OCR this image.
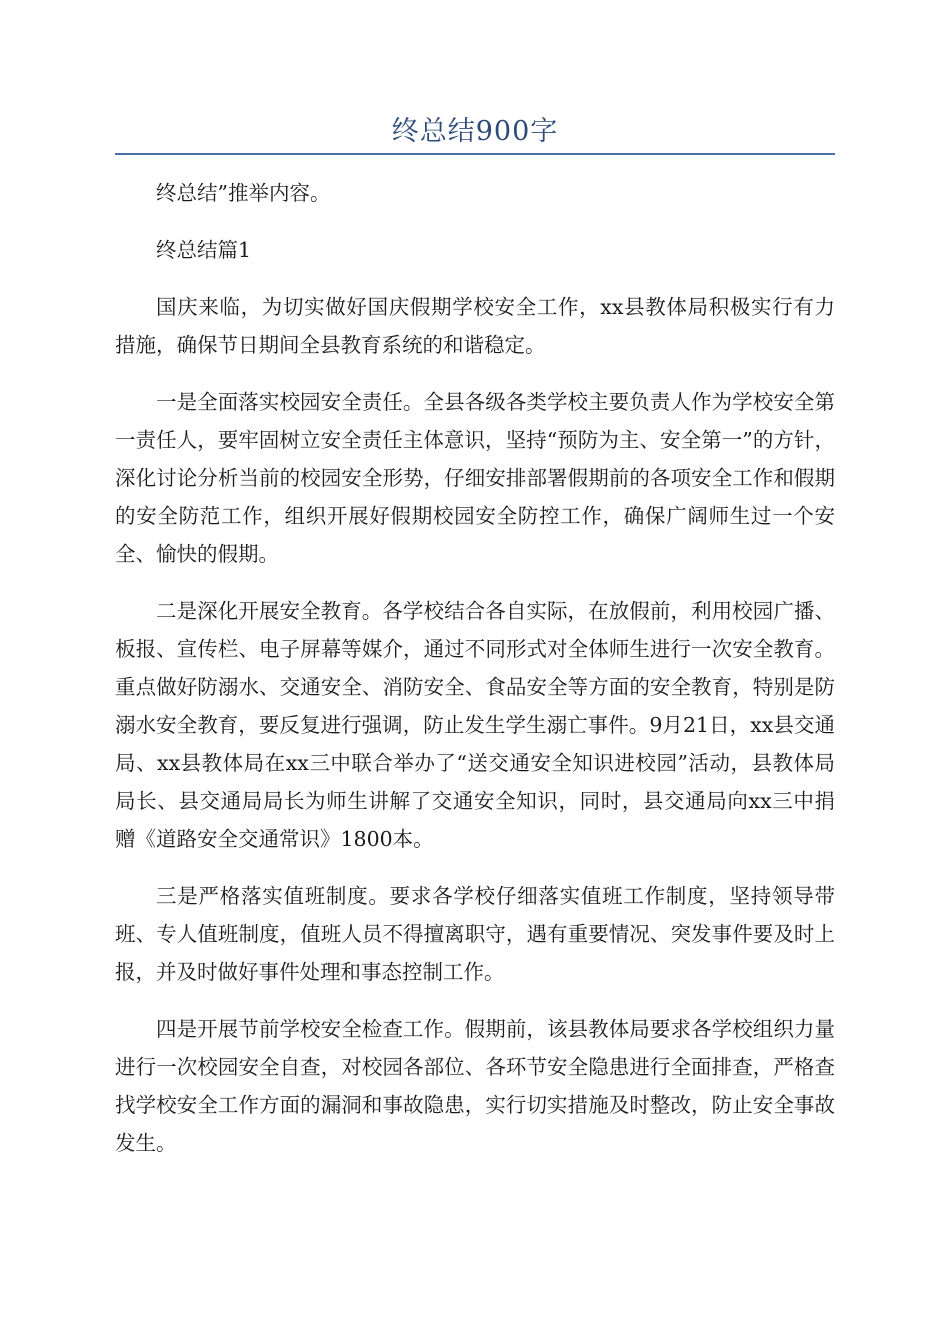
终总结900字

终总结”推举内容。

终总结篇1

国庆来临，为切实做好国庆假期学校安全工作，xx县教体局积极实行有力措施，确保节日期间全县教育系统的和谐稳定。

一是全面落实校园安全责任。全县各级各类学校主要负责人作为学校安全第一责任人，要牢固树立安全责任主体意识，坚持“预防为主、安全第一”的方针，深化讨论分析当前的校园安全形势，仔细安排部署假期前的各项安全工作和假期的安全防范工作，组织开展好假期校园安全防控工作，确保广阔师生过一个安全、愉快的假期。

二是深化开展安全教育。各学校结合各自实际，在放假前，利用校园广播、板报、宣传栏、电子屏幕等媒介，通过不同形式对全体师生进行一次安全教育。重点做好防溺水、交通安全、消防安全、食品安全等方面的安全教育，特别是防溺水安全教育，要反复进行强调，防止发生学生溺亡事件。9月21日，xx县交通局、xx县教体局在xx三中联合举办了“送交通安全知识进校园”活动，县教体局局长、县交通局局长为师生讲解了交通安全知识，同时，县交通局向xx三中捐赠《道路安全交通常识》1800本。

三是严格落实值班制度。要求各学校仔细落实值班工作制度，坚持领导带班、专人值班制度，值班人员不得擅离职守，遇有重要情况、突发事件要及时上报，并及时做好事件处理和事态控制工作。

四是开展节前学校安全检查工作。假期前，该县教体局要求各学校组织力量进行一次校园安全自查，对校园各部位、各环节安全隐患进行全面排查，严格查找学校安全工作方面的漏洞和事故隐患，实行切实措施及时整改，防止安全事故发生。
